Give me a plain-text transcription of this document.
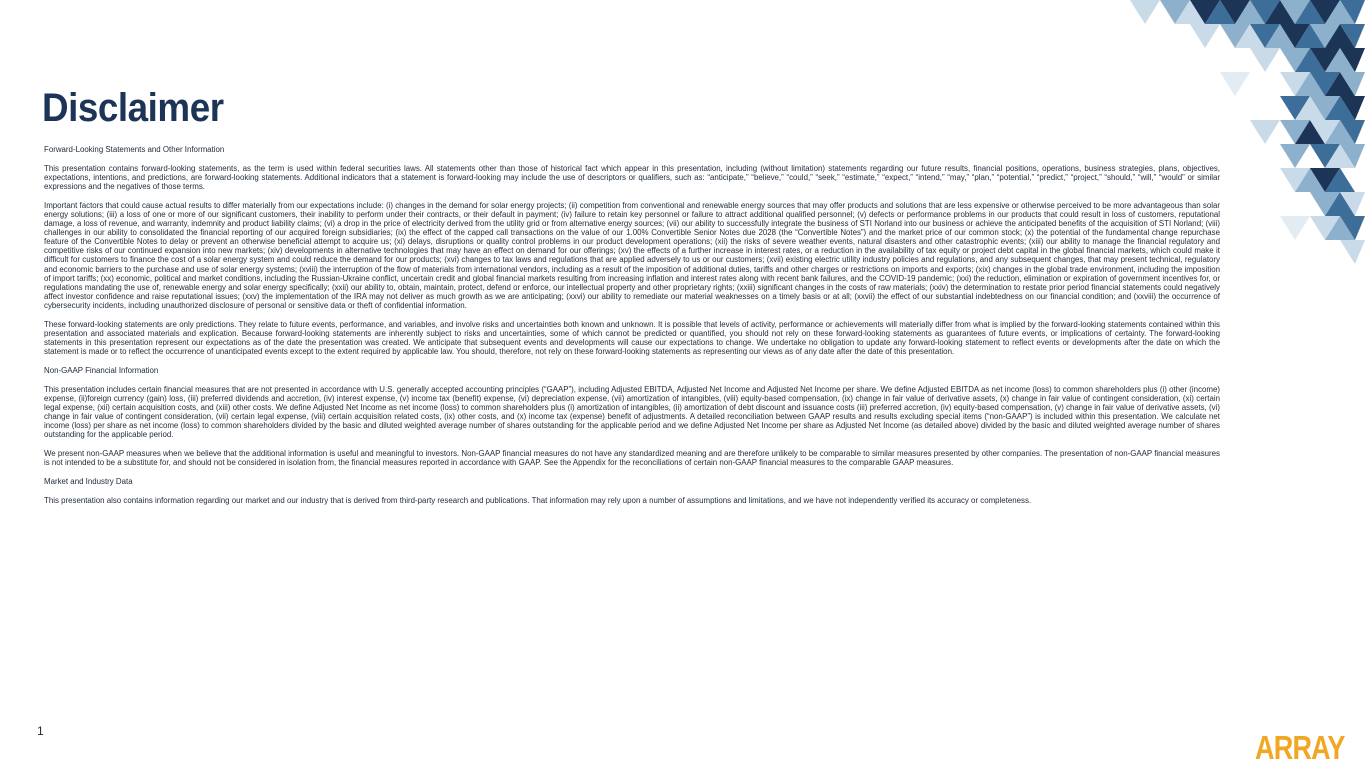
Disclaimer

Forward-Looking Statements and Other Information

This presentation contains forward-looking statements, as the term is used within federal securities laws. All statements other than those of historical fact which appear in this presentation, including (without limitation) statements regarding our future results, financial positions, operations, business strategies, plans, objectives, expectations, intentions, and predictions, are forward-looking statements. Additional indicators that a statement is forward-looking may include the use of descriptors or qualifiers, such as: “anticipate,” “believe,” “could,” “seek,” “estimate,” “expect,” “intend,” “may,” “plan,” “potential,” “predict,” “project,” “should,” “will,” “would” or similar expressions and the negatives of those terms.

Important factors that could cause actual results to differ materially from our expectations include: (i) changes in the demand for solar energy projects; (ii) competition from conventional and renewable energy sources that may offer products and solutions that are less expensive or otherwise perceived to be more advantageous than solar energy solutions; (iii) a loss of one or more of our significant customers, their inability to perform under their contracts, or their default in payment; (iv) failure to retain key personnel or failure to attract additional qualified personnel; (v) defects or performance problems in our products that could result in loss of customers, reputational damage, a loss of revenue, and warranty, indemnity and product liability claims; (vi) a drop in the price of electricity derived from the utility grid or from alternative energy sources; (vii) our ability to successfully integrate the business of STI Norland into our business or achieve the anticipated benefits of the acquisition of STI Norland; (viii) challenges in our ability to consolidated the financial reporting of our acquired foreign subsidiaries; (ix) the effect of the capped call transactions on the value of our 1.00% Convertible Senior Notes due 2028 (the “Convertible Notes”) and the market price of our common stock; (x) the potential of the fundamental change repurchase feature of the Convertible Notes to delay or prevent an otherwise beneficial attempt to acquire us; (xi) delays, disruptions or quality control problems in our product development operations; (xii) the risks of severe weather events, natural disasters and other catastrophic events; (xiii) our ability to manage the financial regulatory and competitive risks of our continued expansion into new markets; (xiv) developments in alternative technologies that may have an effect on demand for our offerings; (xv) the effects of a further increase in interest rates, or a reduction in the availability of tax equity or project debt capital in the global financial markets, which could make it difficult for customers to finance the cost of a solar energy system and could reduce the demand for our products; (xvi) changes to tax laws and regulations that are applied adversely to us or our customers; (xvii) existing electric utility industry policies and regulations, and any subsequent changes, that may present technical, regulatory and economic barriers to the purchase and use of solar energy systems; (xviii) the interruption of the flow of materials from international vendors, including as a result of the imposition of additional duties, tariffs and other charges or restrictions on imports and exports; (xix) changes in the global trade environment, including the imposition of import tariffs; (xx) economic, political and market conditions, including the Russian-Ukraine conflict, uncertain credit and global financial markets resulting from increasing inflation and interest rates along with recent bank failures, and the COVID-19 pandemic; (xxi) the reduction, elimination or expiration of government incentives for, or regulations mandating the use of, renewable energy and solar energy specifically; (xxii) our ability to, obtain, maintain, protect, defend or enforce, our intellectual property and other proprietary rights; (xxiii) significant changes in the costs of raw materials; (xxiv) the determination to restate prior period financial statements could negatively affect investor confidence and raise reputational issues; (xxv) the implementation of the IRA may not deliver as much growth as we are anticipating; (xxvi) our ability to remediate our material weaknesses on a timely basis or at all; (xxvii) the effect of our substantial indebtedness on our financial condition; and (xxviii) the occurrence of cybersecurity incidents, including unauthorized disclosure of personal or sensitive data or theft of confidential information.

These forward-looking statements are only predictions. They relate to future events, performance, and variables, and involve risks and uncertainties both known and unknown. It is possible that levels of activity, performance or achievements will materially differ from what is implied by the forward-looking statements contained within this presentation and associated materials and explication. Because forward-looking statements are inherently subject to risks and uncertainties, some of which cannot be predicted or quantified, you should not rely on these forward-looking statements as guarantees of future events, or implications of certainty. The forward-looking statements in this presentation represent our expectations as of the date the presentation was created. We anticipate that subsequent events and developments will cause our expectations to change. We undertake no obligation to update any forward-looking statement to reflect events or developments after the date on which the statement is made or to reflect the occurrence of unanticipated events except to the extent required by applicable law. You should, therefore, not rely on these forward-looking statements as representing our views as of any date after the date of this presentation.

Non-GAAP Financial Information

This presentation includes certain financial measures that are not presented in accordance with U.S. generally accepted accounting principles (“GAAP”), including Adjusted EBITDA, Adjusted Net Income and Adjusted Net Income per share. We define Adjusted EBITDA as net income (loss) to common shareholders plus (i) other (income) expense, (ii)foreign currency (gain) loss, (iii) preferred dividends and accretion, (iv) interest expense, (v) income tax (benefit) expense, (vi) depreciation expense, (vii) amortization of intangibles, (viii) equity-based compensation, (ix) change in fair value of derivative assets, (x) change in fair value of contingent consideration, (xi) certain legal expense, (xii) certain acquisition costs, and (xiii) other costs. We define Adjusted Net Income as net income (loss) to common shareholders plus (i) amortization of intangibles, (ii) amortization of debt discount and issuance costs (iii) preferred accretion, (iv) equity-based compensation, (v) change in fair value of derivative assets, (vi) change in fair value of contingent consideration, (vii) certain legal expense, (viii) certain acquisition related costs, (ix) other costs, and (x) income tax (expense) benefit of adjustments. A detailed reconciliation between GAAP results and results excluding special items (“non-GAAP”) is included within this presentation. We calculate net income (loss) per share as net income (loss) to common shareholders divided by the basic and diluted weighted average number of shares outstanding for the applicable period and we define Adjusted Net Income per share as Adjusted Net Income (as detailed above) divided by the basic and diluted weighted average number of shares outstanding for the applicable period.

We present non-GAAP measures when we believe that the additional information is useful and meaningful to investors. Non-GAAP financial measures do not have any standardized meaning and are therefore unlikely to be comparable to similar measures presented by other companies. The presentation of non-GAAP financial measures is not intended to be a substitute for, and should not be considered in isolation from, the financial measures reported in accordance with GAAP. See the Appendix for the reconciliations of certain non-GAAP financial measures to the comparable GAAP measures.

Market and Industry Data

This presentation also contains information regarding our market and our industry that is derived from third-party research and publications. That information may rely upon a number of assumptions and limitations, and we have not independently verified its accuracy or completeness.

1	ARRAY
